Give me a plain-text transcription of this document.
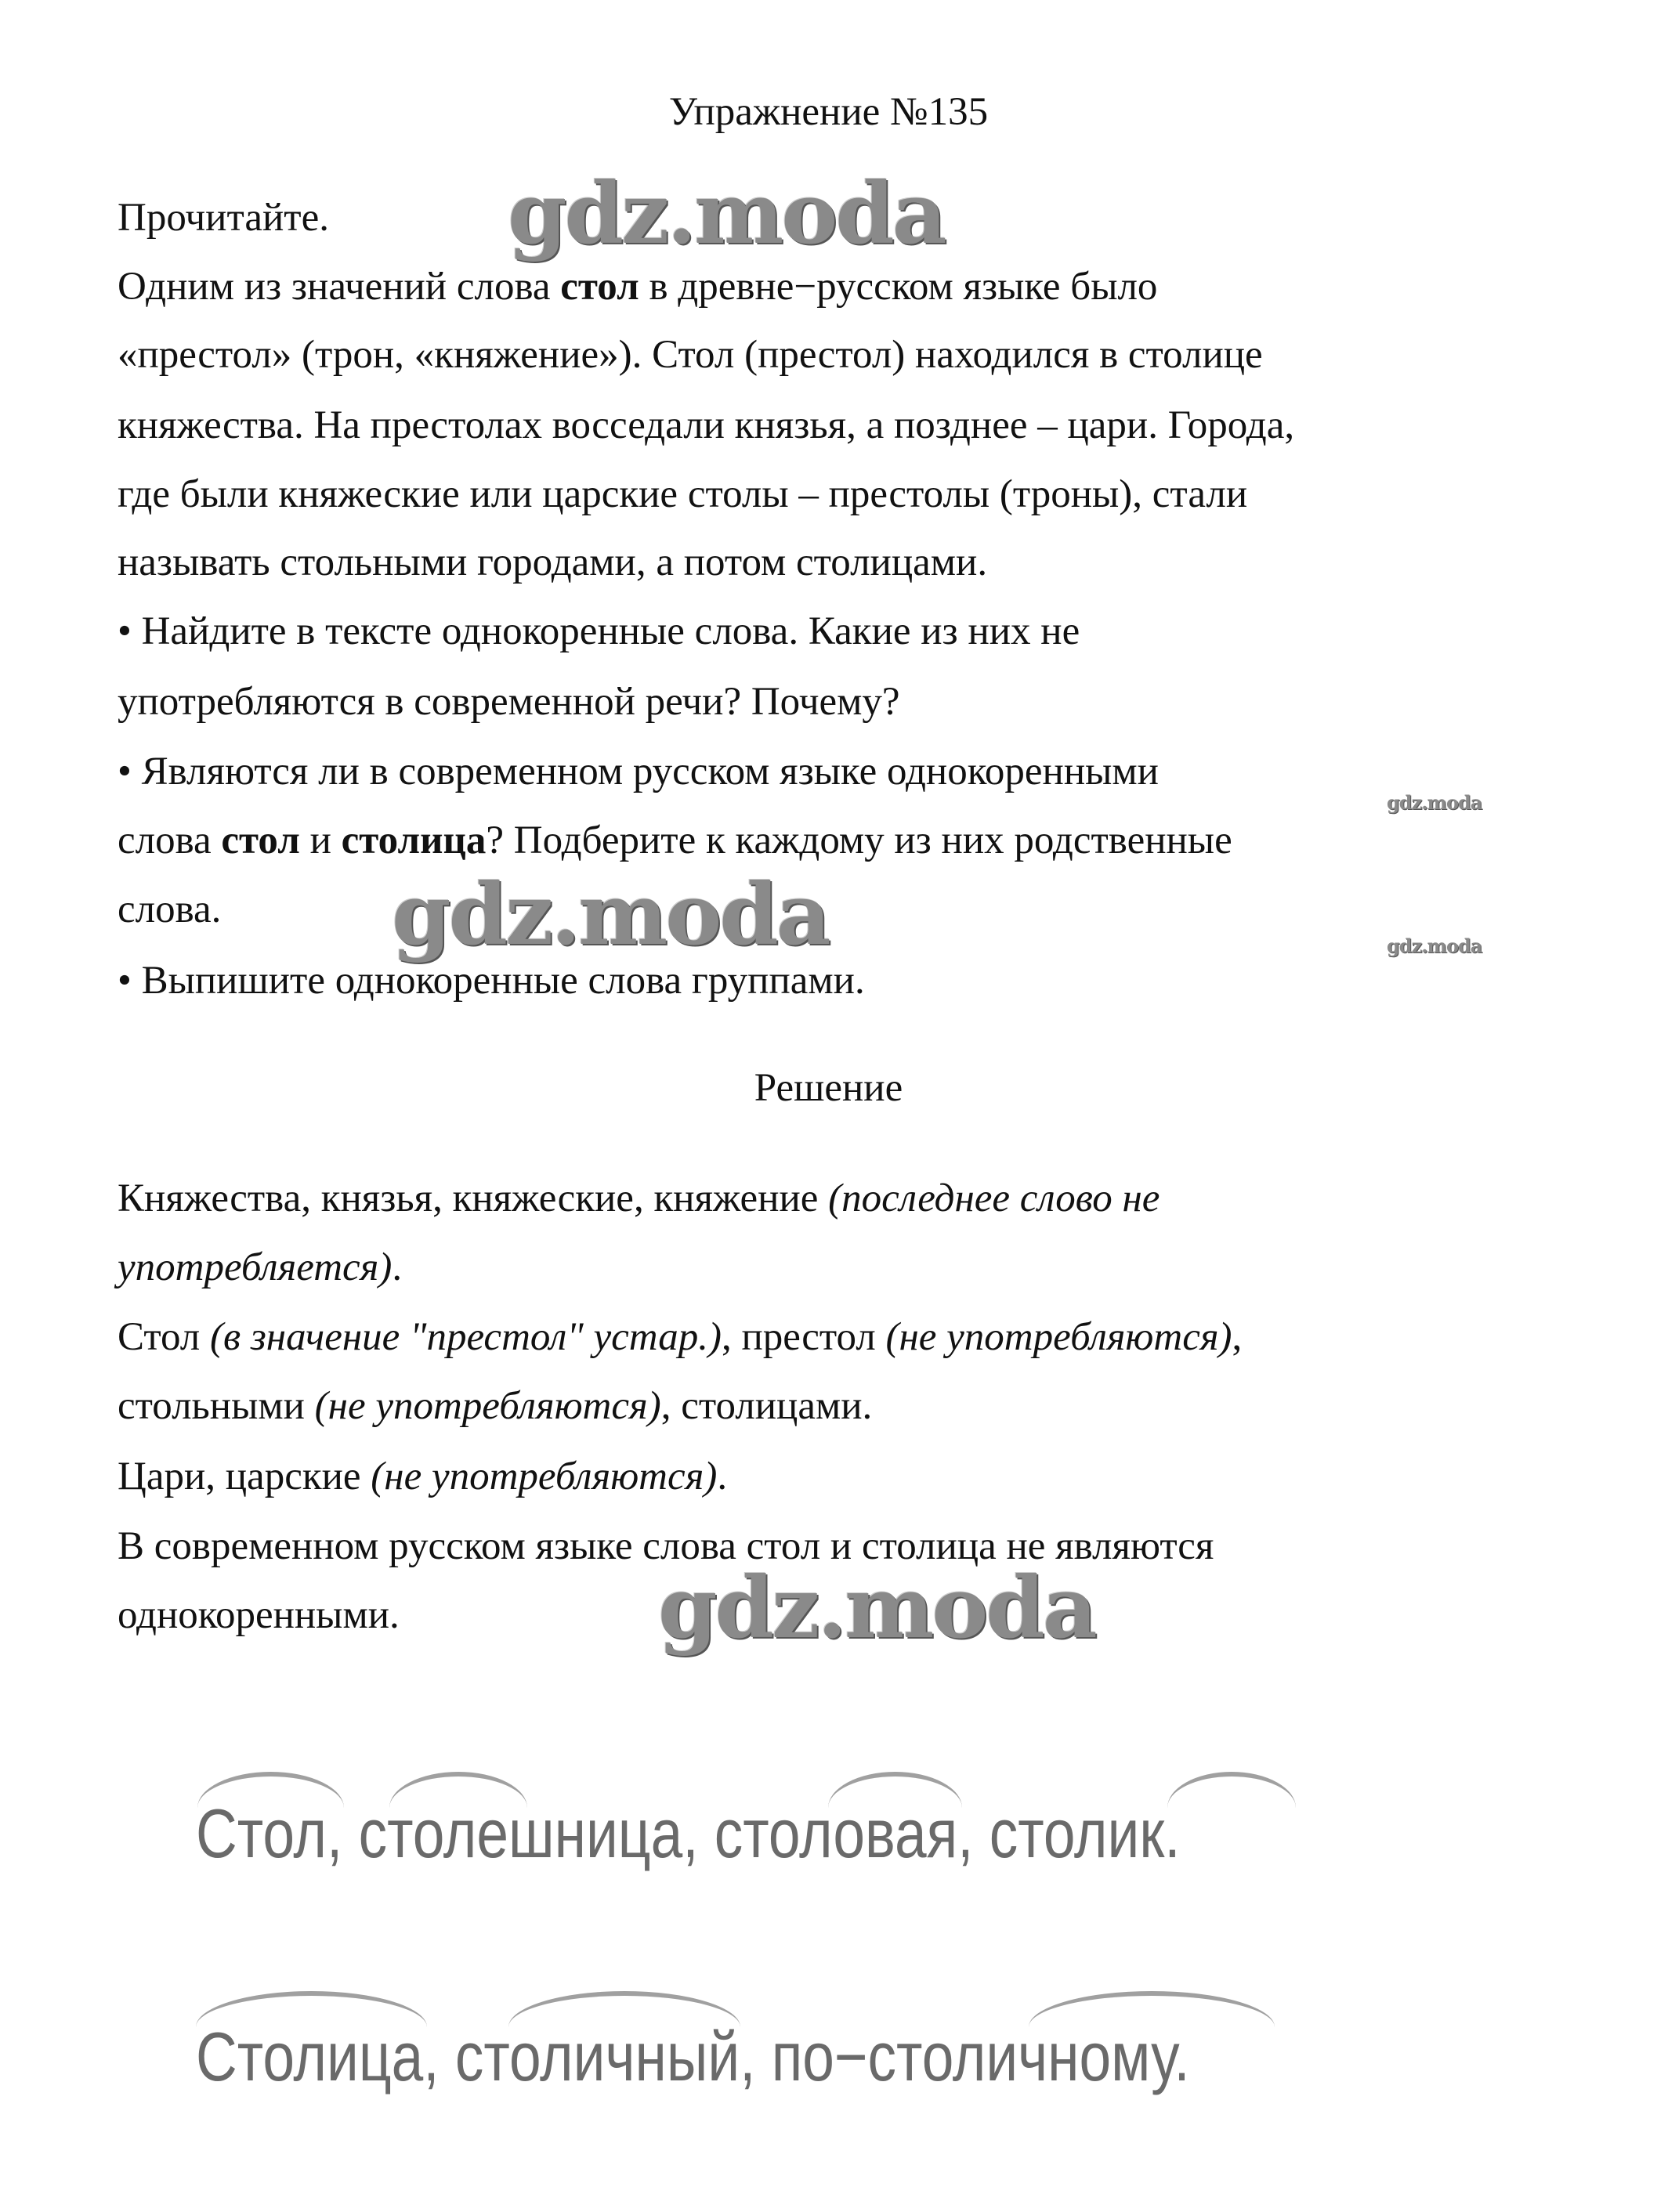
Упражнение №135
Прочитайте.
Одним из значений слова стол в древне−русском языке было
«престол» (трон, «княжение»). Стол (престол) находился в столице
княжества. На престолах восседали князья, а позднее – цари. Города,
где были княжеские или царские столы – престолы (троны), стали
называть стольными городами, а потом столицами.
• Найдите в тексте однокоренные слова. Какие из них не
употребляются в современной речи? Почему?
• Являются ли в современном русском языке однокоренными
слова стол и столица? Подберите к каждому из них родственные
слова.
• Выпишите однокоренные слова группами.
Решение
Княжества, князья, княжеские, княжение (последнее слово не
употребляется).
Стол (в значение "престол" устар.), престол (не употребляются),
стольными (не употребляются), столицами.
Цари, царские (не употребляются).
В современном русском языке слова стол и столица не являются
однокоренными.
Стол, столешница, столовая, столик.
Столица, столичный, по−столичному.
gdz.moda
gdz.moda
gdz.moda
gdz.moda
gdz.moda
